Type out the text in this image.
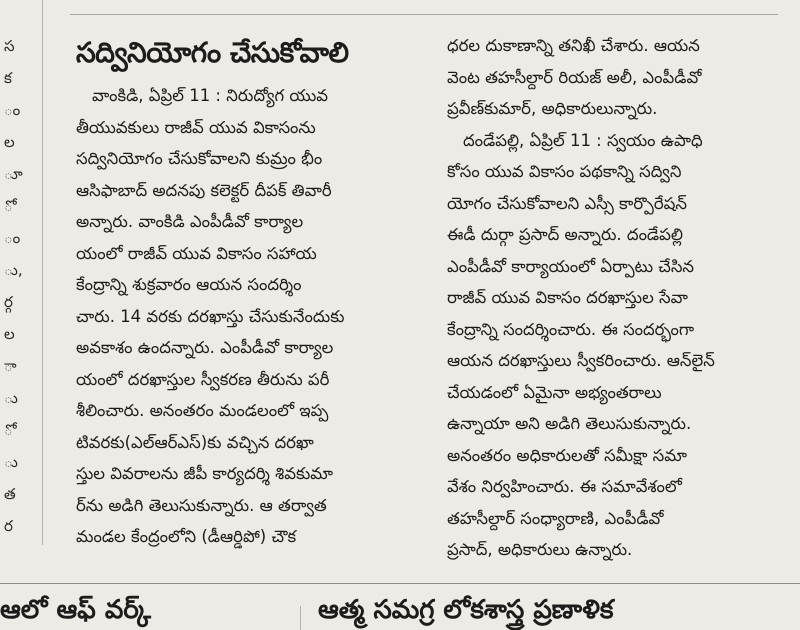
స
క
ం
ల
ూ
ో
ం
ు,
ర్గ
ల
ా
ు
ో
ు
త
ర
సద్వినియోగం చేసుకోవాలి

వాంకిడి, ఏప్రిల్ 11 : నిరుద్యోగ యువ

తీయువకులు రాజీవ్ యువ వికాసంను

సద్వినియోగం చేసుకోవాలని కుమ్రం భీం

ఆసిఫాబాద్ అదనపు కలెక్టర్ దీపక్ తివారీ

అన్నారు. వాంకిడి ఎంపీడీవో కార్యాల

యంలో రాజీవ్ యువ వికాసం సహాయ

కేంద్రాన్ని శుక్రవారం ఆయన సందర్శిం

చారు. 14 వరకు దరఖాస్తు చేసుకునేందుకు

అవకాశం ఉందన్నారు. ఎంపీడీవో కార్యాల

యంలో దరఖాస్తుల స్వీకరణ తీరును పరీ

శీలించారు. అనంతరం మండలంలో ఇప్ప

టివరకు(ఎల్ఆర్ఎస్)కు వచ్చిన దరఖా

స్తుల వివరాలను జీపీ కార్యదర్శి శివకుమా

ర్‌ను అడిగి తెలుసుకున్నారు. ఆ తర్వాత

మండల కేంద్రంలోని (డీఆర్డిపో) చౌక

ధరల దుకాణాన్ని తనిఖీ చేశారు. ఆయన

వెంట తహసీల్దార్ రియజ్ అలీ, ఎంపీడీవో

ప్రవీణ్‌కుమార్, అధికారులున్నారు.

దండేపల్లి, ఏప్రిల్ 11 : స్వయం ఉపాధి

కోసం యువ వికాసం పథకాన్ని సద్విని

యోగం చేసుకోవాలని ఎస్సీ కార్పొరేషన్

ఈడీ దుర్గా ప్రసాద్ అన్నారు. దండేపల్లి

ఎంపీడీవో కార్యాయంలో ఏర్పాటు చేసిన

రాజీవ్ యువ వికాసం దరఖాస్తుల సేవా

కేంద్రాన్ని సందర్శించారు. ఈ సందర్భంగా

ఆయన దరఖాస్తులు స్వీకరించారు. ఆన్‌లైన్

చేయడంలో ఏమైనా అభ్యంతరాలు

ఉన్నాయా అని అడిగి తెలుసుకున్నారు.

అనంతరం అధికారులతో సమీక్షా సమా

వేశం నిర్వహించారు. ఈ సమావేశంలో

తహసీల్దార్ సంధ్యారాణి, ఎంపీడీవో

ప్రసాద్, అధికారులు ఉన్నారు.

ఆలో ఆఫ్ వర్క్	ఆత్మ సమగ్ర లోకశాస్త్ర ప్రణాళిక
